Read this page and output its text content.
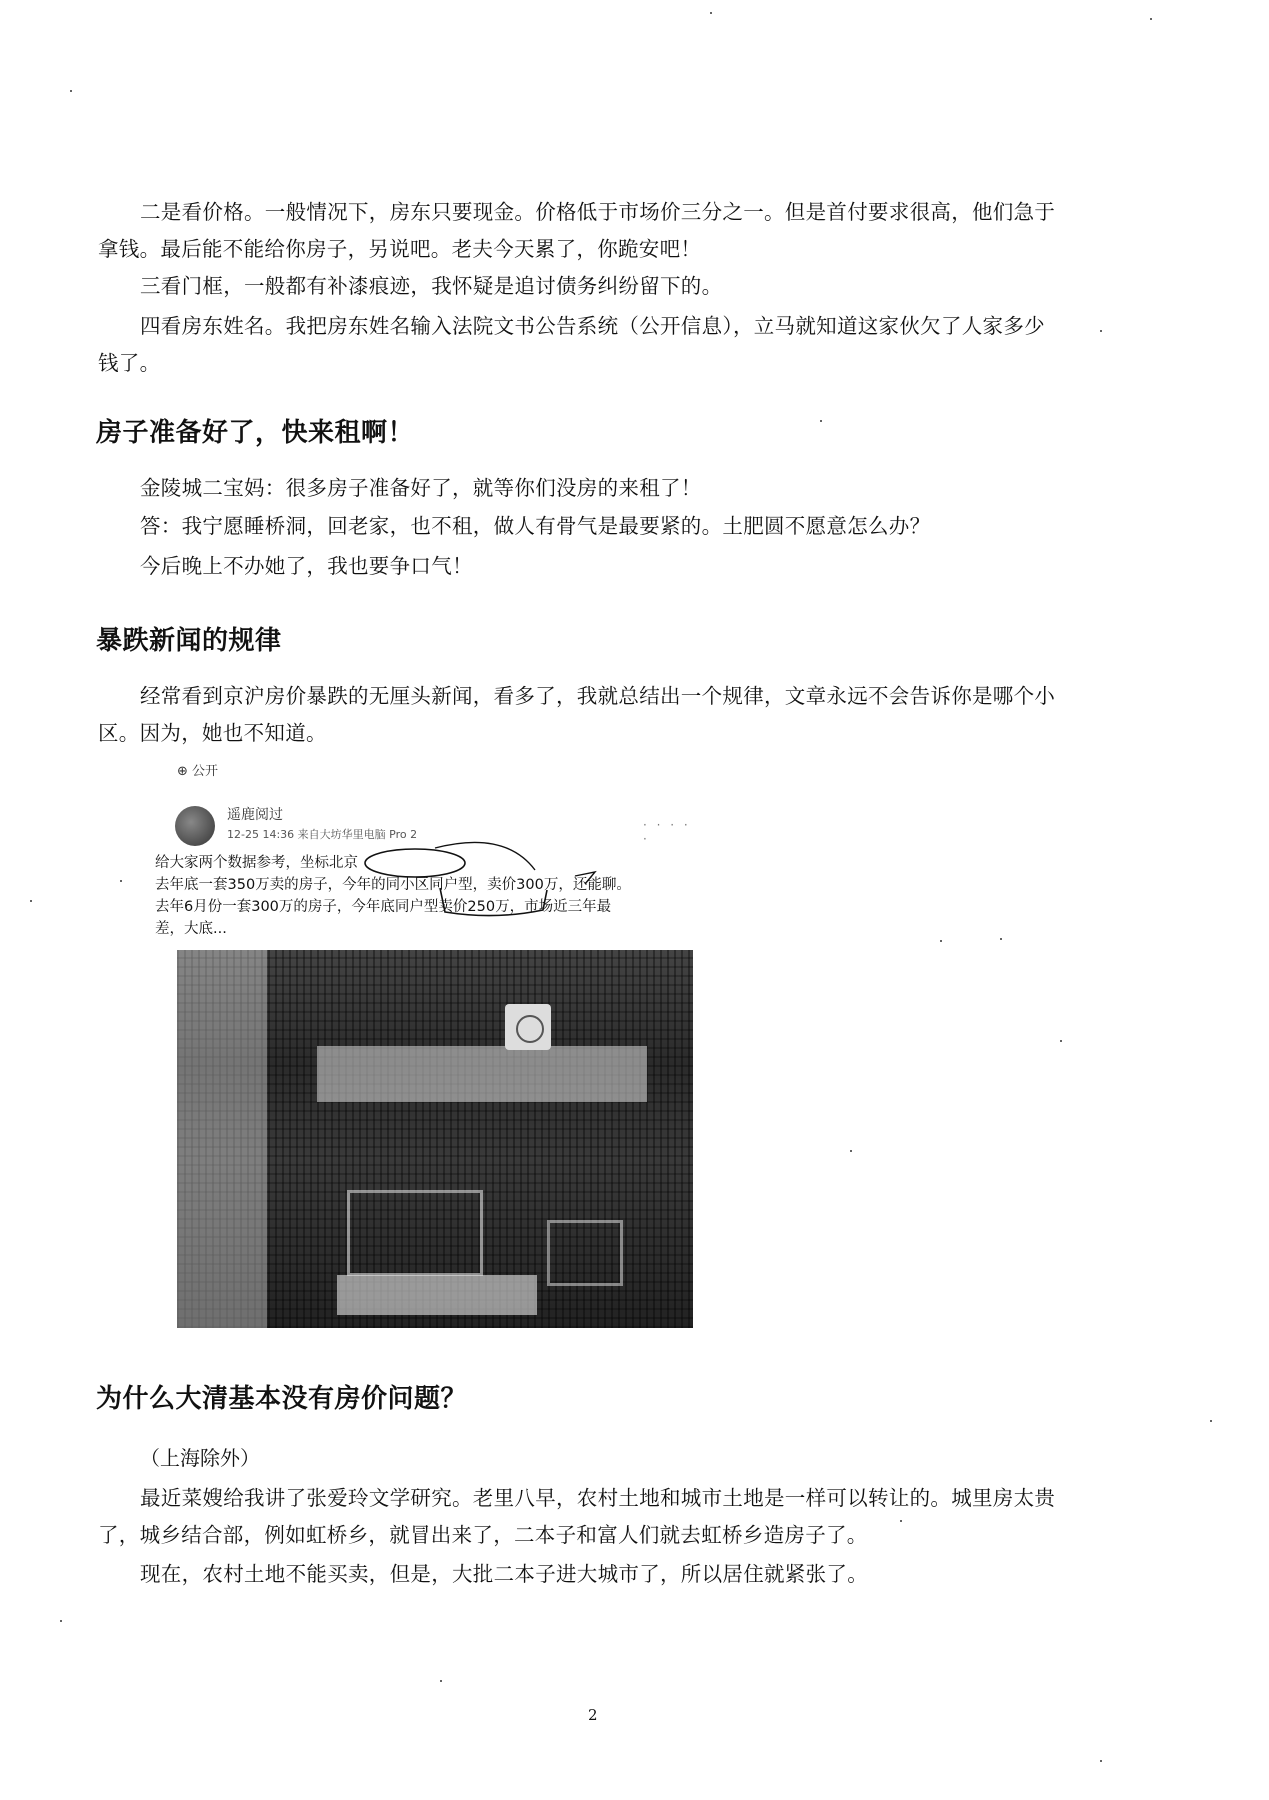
二是看价格。一般情况下，房东只要现金。价格低于市场价三分之一。但是首付要求很高，他们急于拿钱。最后能不能给你房子，另说吧。老夫今天累了，你跪安吧！

三看门框，一般都有补漆痕迹，我怀疑是追讨债务纠纷留下的。

四看房东姓名。我把房东姓名输入法院文书公告系统（公开信息），立马就知道这家伙欠了人家多少钱了。

房子准备好了，快来租啊！

金陵城二宝妈：很多房子准备好了，就等你们没房的来租了！

答：我宁愿睡桥洞，回老家，也不租，做人有骨气是最要紧的。土肥圆不愿意怎么办？

今后晚上不办她了，我也要争口气！

暴跌新闻的规律

经常看到京沪房价暴跌的无厘头新闻，看多了，我就总结出一个规律，文章永远不会告诉你是哪个小区。因为，她也不知道。

⊕ 公开
遥鹿阅过
12-25 14:36 来自大坊华里电脑 Pro 2
· · · · ·
给大家两个数据参考，坐标北京
去年底一套350万卖的房子，今年的同小区同户型，卖价300万，还能聊。
去年6月份一套300万的房子，今年底同户型卖价250万，市场近三年最
差，大底...
为什么大清基本没有房价问题？

（上海除外）

最近菜嫂给我讲了张爱玲文学研究。老里八早，农村土地和城市土地是一样可以转让的。城里房太贵了，城乡结合部，例如虹桥乡，就冒出来了，二本子和富人们就去虹桥乡造房子了。

现在，农村土地不能买卖，但是，大批二本子进大城市了，所以居住就紧张了。

2
